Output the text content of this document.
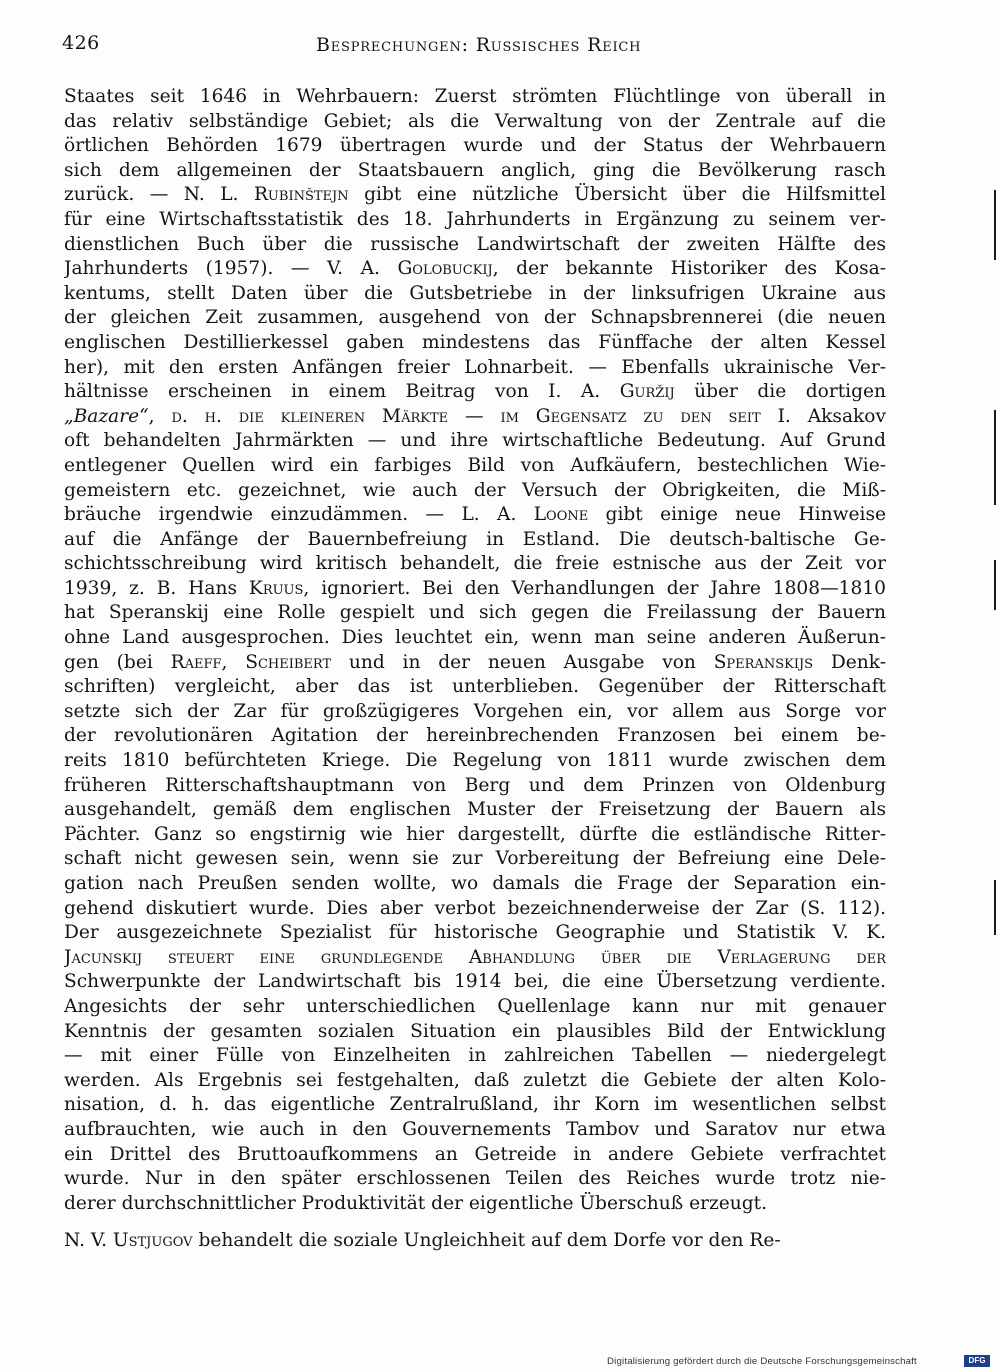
426	Besprechungen: Russisches Reich
Staates seit 1646 in Wehrbauern: Zuerst strömten Flüchtlinge von überall in
das relativ selbständige Gebiet; als die Verwaltung von der Zentrale auf die
örtlichen Behörden 1679 übertragen wurde und der Status der Wehrbauern
sich dem allgemeinen der Staatsbauern anglich, ging die Bevölkerung rasch
zurück. — N. L. Rubinštejn gibt eine nützliche Übersicht über die Hilfsmittel
für eine Wirtschaftsstatistik des 18. Jahrhunderts in Ergänzung zu seinem ver-
dienstlichen Buch über die russische Landwirtschaft der zweiten Hälfte des
Jahrhunderts (1957). — V. A. Golobuckij, der bekannte Historiker des Kosa-
kentums, stellt Daten über die Gutsbetriebe in der linksufrigen Ukraine aus
der gleichen Zeit zusammen, ausgehend von der Schnapsbrennerei (die neuen
englischen Destillierkessel gaben mindestens das Fünffache der alten Kessel
her), mit den ersten Anfängen freier Lohnarbeit. — Ebenfalls ukrainische Ver-
hältnisse erscheinen in einem Beitrag von I. A. Guržij über die dortigen
„Bazare“, d. h. die kleineren Märkte — im Gegensatz zu den seit I. Aksakov
oft behandelten Jahrmärkten — und ihre wirtschaftliche Bedeutung. Auf Grund
entlegener Quellen wird ein farbiges Bild von Aufkäufern, bestechlichen Wie-
gemeistern etc. gezeichnet, wie auch der Versuch der Obrigkeiten, die Miß-
bräuche irgendwie einzudämmen. — L. A. Loone gibt einige neue Hinweise
auf die Anfänge der Bauernbefreiung in Estland. Die deutsch-baltische Ge-
schichtsschreibung wird kritisch behandelt, die freie estnische aus der Zeit vor
1939, z. B. Hans Kruus, ignoriert. Bei den Verhandlungen der Jahre 1808—1810
hat Speranskij eine Rolle gespielt und sich gegen die Freilassung der Bauern
ohne Land ausgesprochen. Dies leuchtet ein, wenn man seine anderen Äußerun-
gen (bei Raeff, Scheibert und in der neuen Ausgabe von Speranskijs Denk-
schriften) vergleicht, aber das ist unterblieben. Gegenüber der Ritterschaft
setzte sich der Zar für großzügigeres Vorgehen ein, vor allem aus Sorge vor
der revolutionären Agitation der hereinbrechenden Franzosen bei einem be-
reits 1810 befürchteten Kriege. Die Regelung von 1811 wurde zwischen dem
früheren Ritterschaftshauptmann von Berg und dem Prinzen von Oldenburg
ausgehandelt, gemäß dem englischen Muster der Freisetzung der Bauern als
Pächter. Ganz so engstirnig wie hier dargestellt, dürfte die estländische Ritter-
schaft nicht gewesen sein, wenn sie zur Vorbereitung der Befreiung eine Dele-
gation nach Preußen senden wollte, wo damals die Frage der Separation ein-
gehend diskutiert wurde. Dies aber verbot bezeichnenderweise der Zar (S. 112).
Der ausgezeichnete Spezialist für historische Geographie und Statistik V. K.
Jacunskij steuert eine grundlegende Abhandlung über die Verlagerung der
Schwerpunkte der Landwirtschaft bis 1914 bei, die eine Übersetzung verdiente.
Angesichts der sehr unterschiedlichen Quellenlage kann nur mit genauer
Kenntnis der gesamten sozialen Situation ein plausibles Bild der Entwicklung
— mit einer Fülle von Einzelheiten in zahlreichen Tabellen — niedergelegt
werden. Als Ergebnis sei festgehalten, daß zuletzt die Gebiete der alten Kolo-
nisation, d. h. das eigentliche Zentralrußland, ihr Korn im wesentlichen selbst
aufbrauchten, wie auch in den Gouvernements Tambov und Saratov nur etwa
ein Drittel des Bruttoaufkommens an Getreide in andere Gebiete verfrachtet
wurde. Nur in den später erschlossenen Teilen des Reiches wurde trotz nie-
derer durchschnittlicher Produktivität der eigentliche Überschuß erzeugt.
N. V. Ustjugov behandelt die soziale Ungleichheit auf dem Dorfe vor den Re-
Digitalisierung gefördert durch die Deutsche Forschungsgemeinschaft	DFG
